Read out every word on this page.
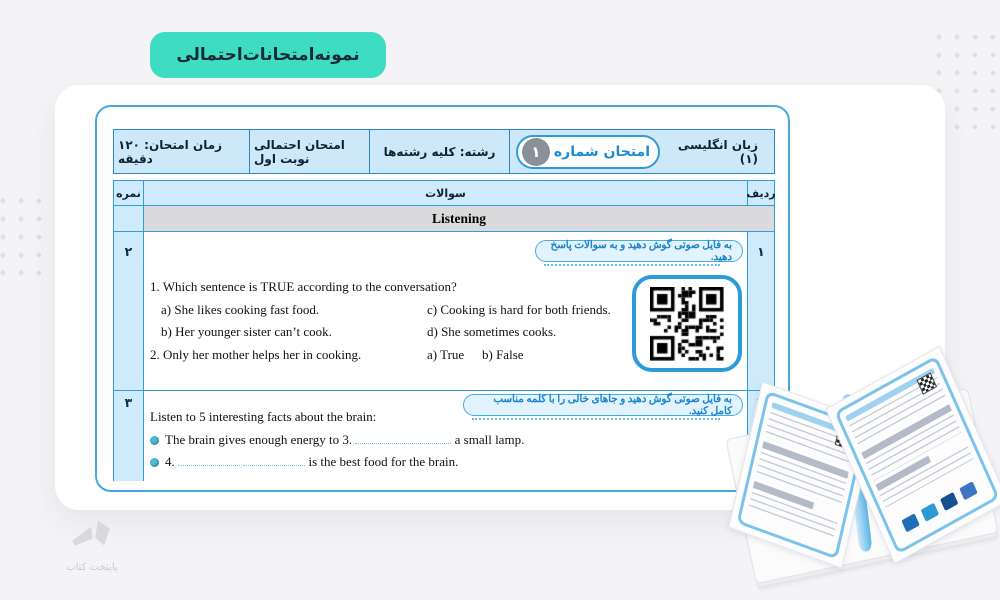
نمونه‌امتحانات‌احتمالی
زمان امتحان: ۱۲۰ دقیقه
امتحان احتمالی نوبت اول	رشته: کلیه رشته‌ها	زبان انگلیسی (۱)
۱ امتحان شماره
نمره	سوالات	ردیف
Listening
۲	به فایل صوتی گوش دهید و به سوالات پاسخ دهید.
1. Which sentence is TRUE according to the conversation?
a) She likes cooking fast food.	c) Cooking is hard for both friends.
b) Her younger sister can’t cook.	d) She sometimes cooks.
2. Only her mother helps her in cooking.	a) True b) False
۱
۳	به فایل صوتی گوش دهید و جاهای خالی را با کلمه مناسب کامل کنید.
Listen to 5 interesting facts about the brain:
The brain gives enough energy to 3.	a small lamp.
4.	is the best food for the brain.
پایتخت کتاب
